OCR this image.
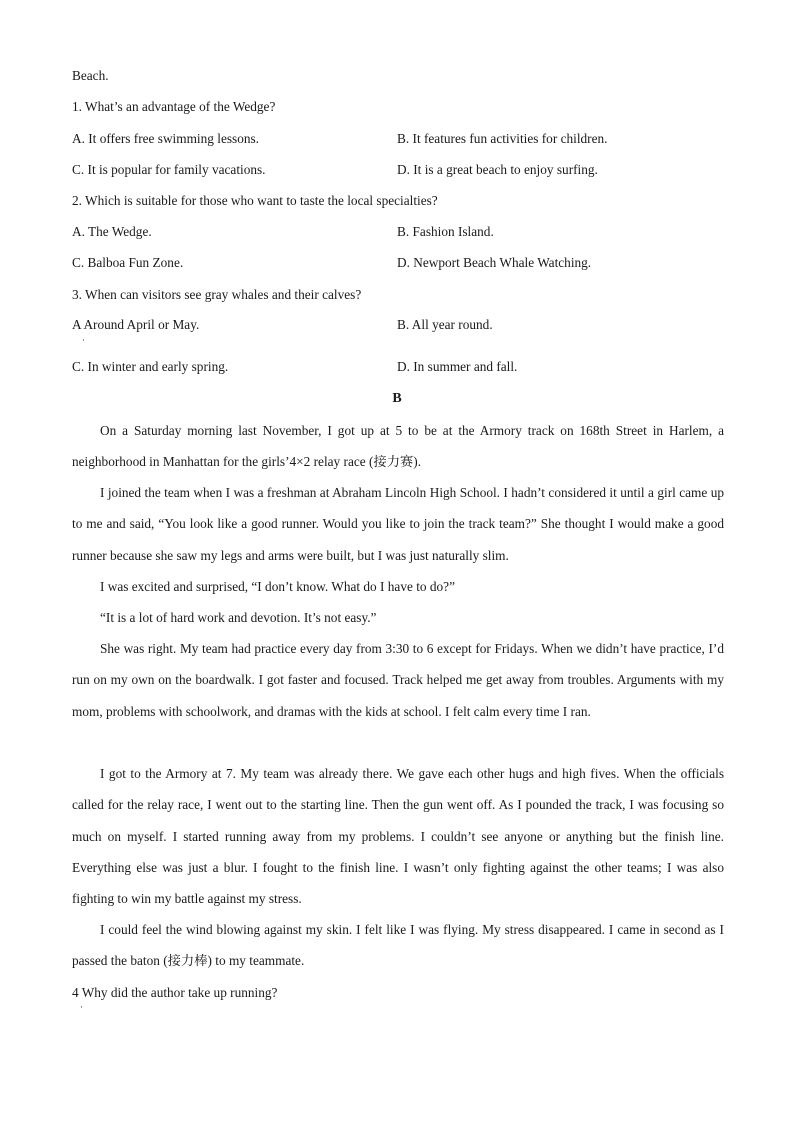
Beach.
1. What’s an advantage of the Wedge?
A. It offers free swimming lessons.	B. It features fun activities for children.
C. It is popular for family vacations.	D. It is a great beach to enjoy surfing.
2. Which is suitable for those who want to taste the local specialties?
A. The Wedge.	B. Fashion Island.
C. Balboa Fun Zone.	D. Newport Beach Whale Watching.
3. When can visitors see gray whales and their calves?
A Around April or May.
·
B. All year round.
C. In winter and early spring.	D. In summer and fall.
B
On a Saturday morning last November, I got up at 5 to be at the Armory track on 168th Street in Harlem, a neighborhood in Manhattan for the girls’4×2 relay race (接力赛).
I joined the team when I was a freshman at Abraham Lincoln High School. I hadn’t considered it until a girl came up to me and said, “You look like a good runner. Would you like to join the track team?” She thought I would make a good runner because she saw my legs and arms were built, but I was just naturally slim.
I was excited and surprised, “I don’t know. What do I have to do?”
“It is a lot of hard work and devotion. It’s not easy.”
She was right. My team had practice every day from 3:30 to 6 except for Fridays. When we didn’t have practice, I’d run on my own on the boardwalk. I got faster and focused. Track helped me get away from troubles. Arguments with my mom, problems with schoolwork, and dramas with the kids at school. I felt calm every time I ran.
I got to the Armory at 7. My team was already there. We gave each other hugs and high fives. When the officials called for the relay race, I went out to the starting line. Then the gun went off. As I pounded the track, I was focusing so much on myself. I started running away from my problems. I couldn’t see anyone or anything but the finish line. Everything else was just a blur. I fought to the finish line. I wasn’t only fighting against the other teams; I was also fighting to win my battle against my stress.
I could feel the wind blowing against my skin. I felt like I was flying. My stress disappeared. I came in second as I passed the baton (接力棒) to my teammate.
4 Why did the author take up running?
·
